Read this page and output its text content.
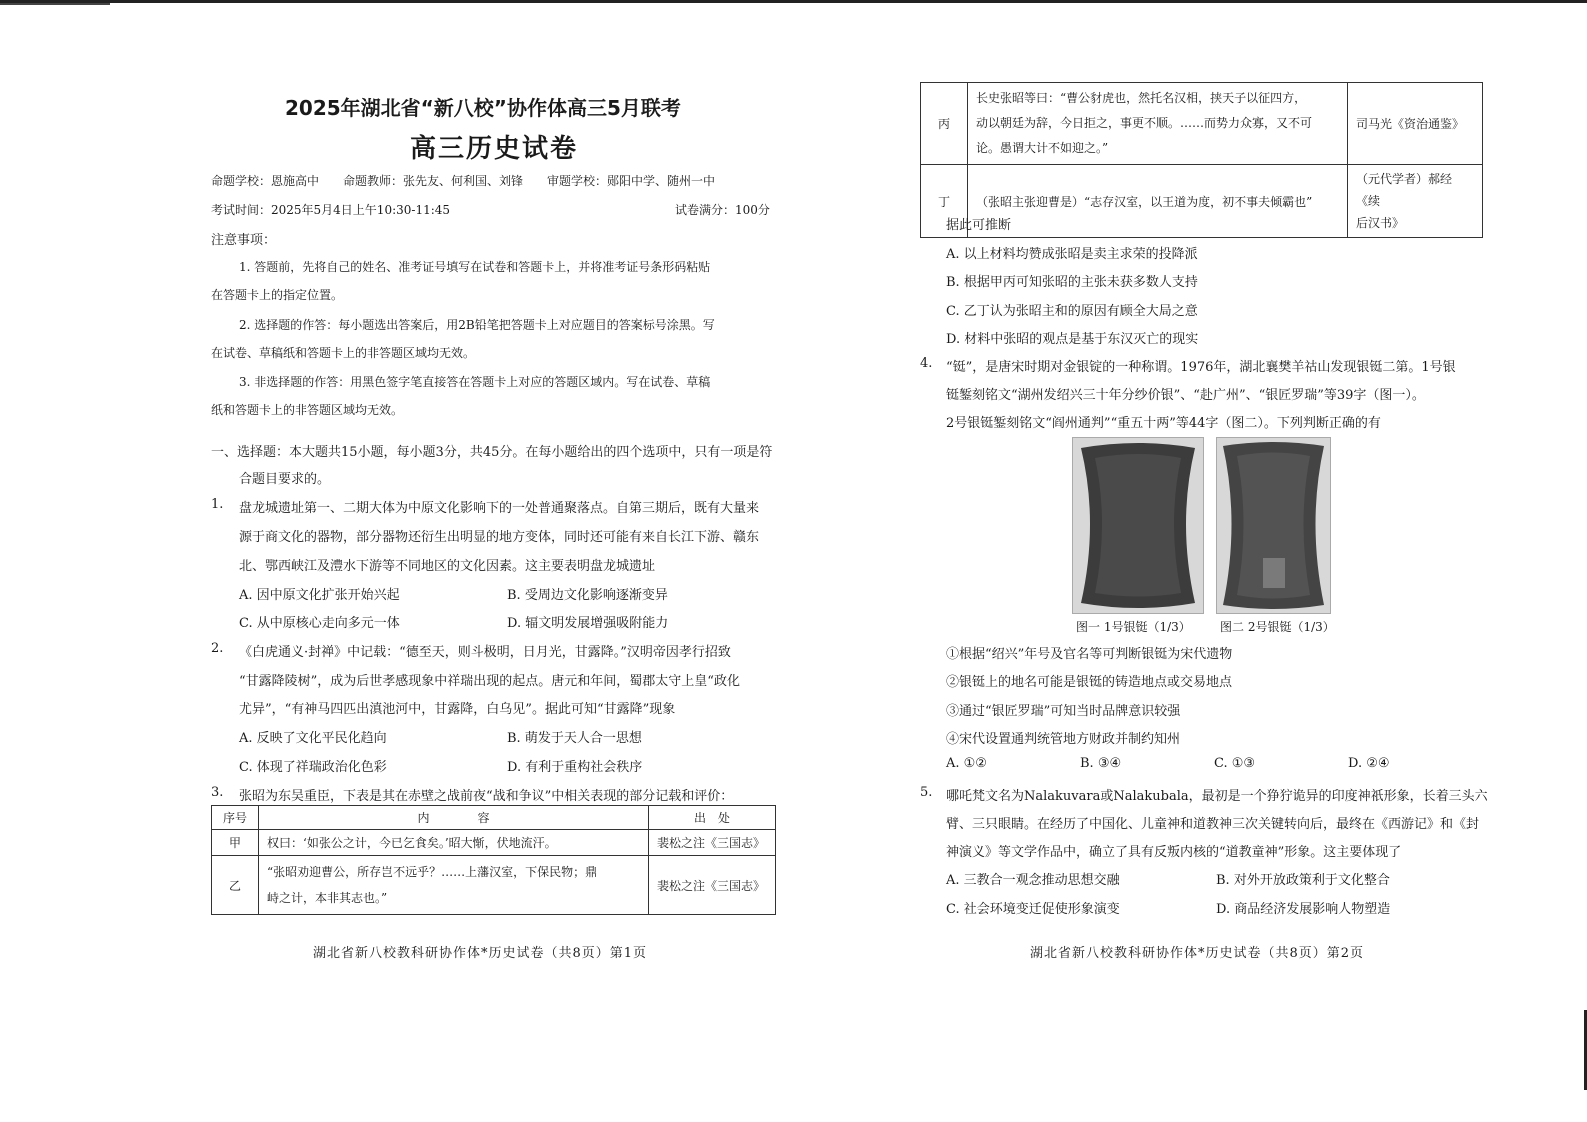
2025年湖北省“新八校”协作体高三5月联考
高三历史试卷
命题学校：恩施高中　　命题教师：张先友、何利国、刘锋　　审题学校：郧阳中学、随州一中
考试时间：2025年5月4日上午10:30-11:45	试卷满分：100分
注意事项：
1. 答题前，先将自己的姓名、准考证号填写在试卷和答题卡上，并将准考证号条形码粘贴
在答题卡上的指定位置。
2. 选择题的作答：每小题选出答案后，用2B铅笔把答题卡上对应题目的答案标号涂黑。写
在试卷、草稿纸和答题卡上的非答题区域均无效。
3. 非选择题的作答：用黑色签字笔直接答在答题卡上对应的答题区域内。写在试卷、草稿
纸和答题卡上的非答题区域均无效。
一、选择题：本大题共15小题，每小题3分，共45分。在每小题给出的四个选项中，只有一项是符
合题目要求的。
1. 盘龙城遗址第一、二期大体为中原文化影响下的一处普通聚落点。自第三期后，既有大量来
源于商文化的器物，部分器物还衍生出明显的地方变体，同时还可能有来自长江下游、赣东
北、鄂西峡江及澧水下游等不同地区的文化因素。这主要表明盘龙城遗址
A. 因中原文化扩张开始兴起	B. 受周边文化影响逐渐变异
C. 从中原核心走向多元一体	D. 辐文明发展增强吸附能力
2. 《白虎通义·封禅》中记载：“德至天，则斗极明，日月光，甘露降。”汉明帝因孝行招致
“甘露降陵树”，成为后世孝感现象中祥瑞出现的起点。唐元和年间，蜀郡太守上皇“政化
尤异”，“有神马四匹出滇池河中，甘露降，白乌见”。据此可知“甘露降”现象
A. 反映了文化平民化趋向	B. 萌发于天人合一思想
C. 体现了祥瑞政治化色彩	D. 有利于重构社会秩序
3. 张昭为东吴重臣，下表是其在赤壁之战前夜“战和争议”中相关表现的部分记载和评价：
序号	内　　　　容	出　处
甲	权曰：‘如张公之计，今已乞食矣。’昭大惭，伏地流汗。	裴松之注《三国志》
乙	“张昭劝迎曹公，所存岂不远乎？……上藩汉室，下保民物；鼎
峙之计，本非其志也。”	裴松之注《三国志》
湖北省新八校教科研协作体*历史试卷（共8页）第1页
丙	长史张昭等曰：“曹公豺虎也，然托名汉相，挟天子以征四方，
动以朝廷为辞，今日拒之，事更不顺。……而势力众寡，又不可
论。愚谓大计不如迎之。”	司马光《资治通鉴》
丁	（张昭主张迎曹是）“志存汉室，以王道为度，初不事夫倾霸也”	（元代学者）郝经《续
后汉书》
据此可推断
A. 以上材料均赞成张昭是卖主求荣的投降派
B. 根据甲丙可知张昭的主张未获多数人支持
C. 乙丁认为张昭主和的原因有顾全大局之意
D. 材料中张昭的观点是基于东汉灭亡的现实
4. “铤”，是唐宋时期对金银锭的一种称谓。1976年，湖北襄樊羊祜山发现银铤二第。1号银
铤錾刻铭文“湖州发绍兴三十年分纱价银”、“赴广州”、“银匠罗瑞”等39字（图一）。
2号银铤錾刻铭文“阎州通判”“重五十两”等44字（图二）。下列判断正确的有
图一 1号银铤（1/3） 图二 2号银铤（1/3）
①根据“绍兴”年号及官名等可判断银铤为宋代遗物
②银铤上的地名可能是银铤的铸造地点或交易地点
③通过“银匠罗瑞”可知当时品牌意识较强
④宋代设置通判统管地方财政并制约知州
A. ①②	B. ③④	C. ①③	D. ②④
5. 哪吒梵文名为Nalakuvara或Nalakubala，最初是一个狰狞诡异的印度神祇形象，长着三头六
臂、三只眼睛。在经历了中国化、儿童神和道教神三次关键转向后，最终在《西游记》和《封
神演义》等文学作品中，确立了具有反叛内核的“道教童神”形象。这主要体现了
A. 三教合一观念推动思想交融	B. 对外开放政策利于文化整合
C. 社会环境变迁促使形象演变	D. 商品经济发展影响人物塑造
湖北省新八校教科研协作体*历史试卷（共8页）第2页
